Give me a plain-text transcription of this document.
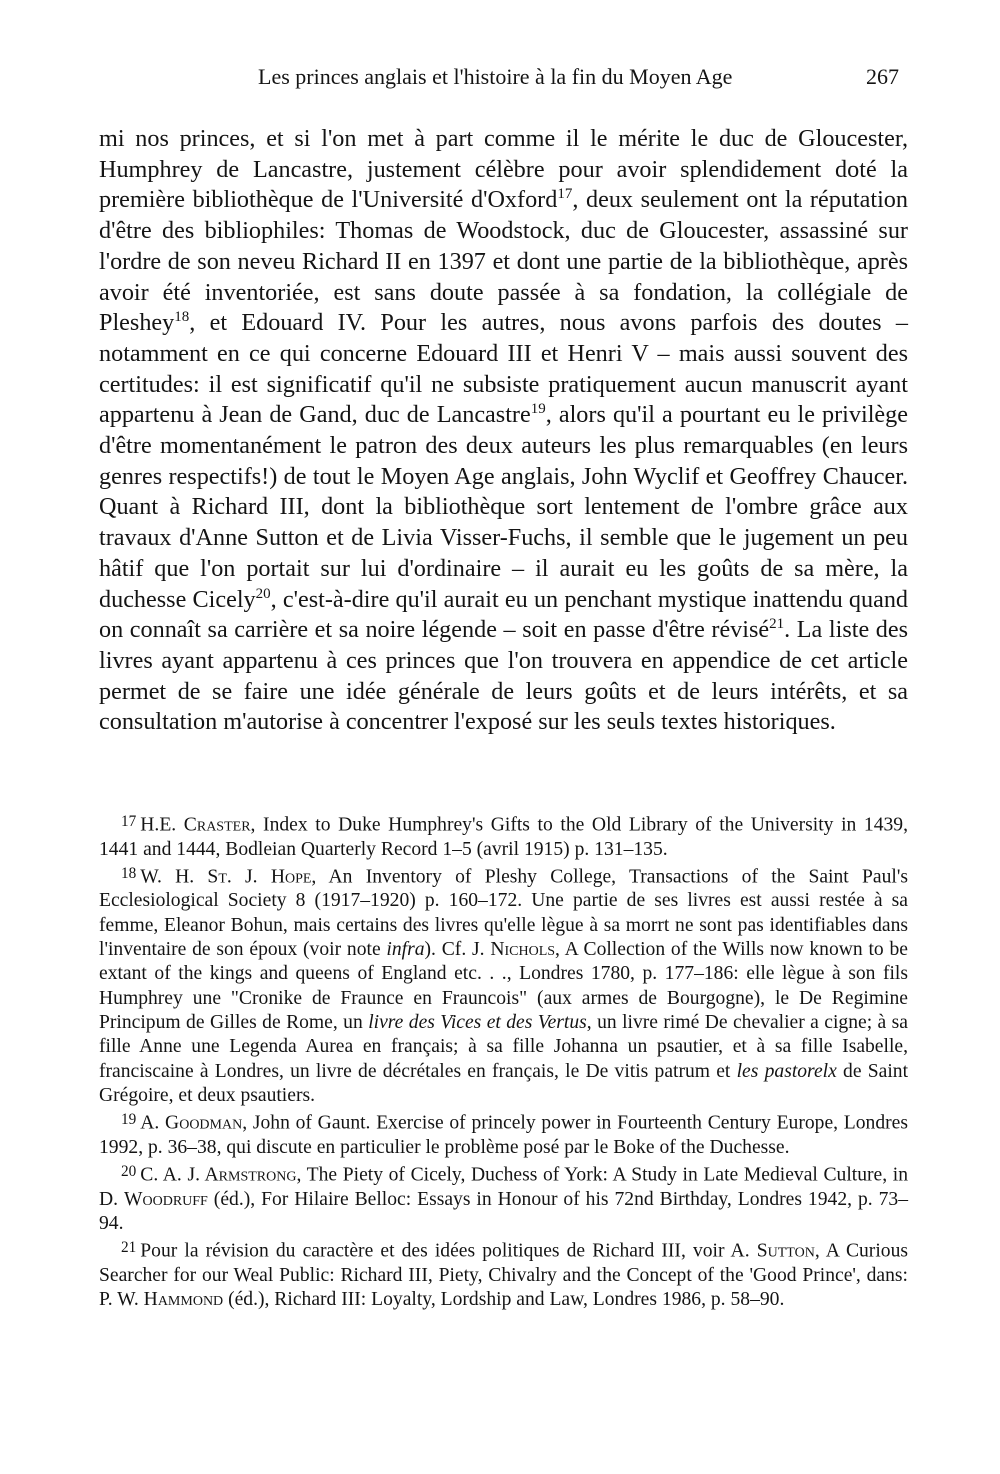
Les princes anglais et l'histoire à la fin du Moyen Age	267

mi nos princes, et si l'on met à part comme il le mérite le duc de Gloucester, Humphrey de Lancastre, justement célèbre pour avoir splendidement doté la première bibliothèque de l'Université d'Oxford$^{17}$, deux seulement ont la réputation d'être des bibliophiles: Thomas de Woodstock, duc de Gloucester, assassiné sur l'ordre de son neveu Richard II en 1397 et dont une partie de la bibliothèque, après avoir été inventoriée, est sans doute passée à sa fondation, la collégiale de Pleshey$^{18}$, et Edouard IV. Pour les autres, nous avons parfois des doutes – notamment en ce qui concerne Edouard III et Henri V – mais aussi souvent des certitudes: il est significatif qu'il ne subsiste pratiquement aucun manuscrit ayant appartenu à Jean de Gand, duc de Lancastre$^{19}$, alors qu'il a pourtant eu le privilège d'être momentanément le patron des deux auteurs les plus remarquables (en leurs genres respectifs!) de tout le Moyen Age anglais, John Wyclif et Geoffrey Chaucer. Quant à Richard III, dont la bibliothèque sort lentement de l'ombre grâce aux travaux d'Anne Sutton et de Livia Visser-Fuchs, il semble que le jugement un peu hâtif que l'on portait sur lui d'ordinaire – il aurait eu les goûts de sa mère, la duchesse Cicely$^{20}$, c'est-à-dire qu'il aurait eu un penchant mystique inattendu quand on connaît sa carrière et sa noire légende – soit en passe d'être révisé$^{21}$. La liste des livres ayant appartenu à ces princes que l'on trouvera en appendice de cet article permet de se faire une idée générale de leurs goûts et de leurs intérêts, et sa consultation m'autorise à concentrer l'exposé sur les seuls textes historiques.

$^{17}$ H.E. Craster, Index to Duke Humphrey's Gifts to the Old Library of the University in 1439, 1441 and 1444, Bodleian Quarterly Record 1–5 (avril 1915) p. 131–135.

$^{18}$ W. H. St. J. Hope, An Inventory of Pleshy College, Transactions of the Saint Paul's Ecclesiological Society 8 (1917–1920) p. 160–172. Une partie de ses livres est aussi restée à sa femme, Eleanor Bohun, mais certains des livres qu'elle lègue à sa morrt ne sont pas identifiables dans l'inventaire de son époux (voir note infra). Cf. J. Nichols, A Collection of the Wills now known to be extant of the kings and queens of England etc. . ., Londres 1780, p. 177–186: elle lègue à son fils Humphrey une "Cronike de Fraunce en Frauncois" (aux armes de Bourgogne), le De Regimine Principum de Gilles de Rome, un livre des Vices et des Vertus, un livre rimé De chevalier a cigne; à sa fille Anne une Legenda Aurea en français; à sa fille Johanna un psautier, et à sa fille Isabelle, franciscaine à Londres, un livre de décrétales en français, le De vitis patrum et les pastorelx de Saint Grégoire, et deux psautiers.

$^{19}$ A. Goodman, John of Gaunt. Exercise of princely power in Fourteenth Century Europe, Londres 1992, p. 36–38, qui discute en particulier le problème posé par le Boke of the Duchesse.

$^{20}$ C. A. J. Armstrong, The Piety of Cicely, Duchess of York: A Study in Late Medieval Culture, in D. Woodruff (éd.), For Hilaire Belloc: Essays in Honour of his 72nd Birthday, Londres 1942, p. 73–94.

$^{21}$ Pour la révision du caractère et des idées politiques de Richard III, voir A. Sutton, A Curious Searcher for our Weal Public: Richard III, Piety, Chivalry and the Concept of the 'Good Prince', dans: P. W. Hammond (éd.), Richard III: Loyalty, Lordship and Law, Londres 1986, p. 58–90.
